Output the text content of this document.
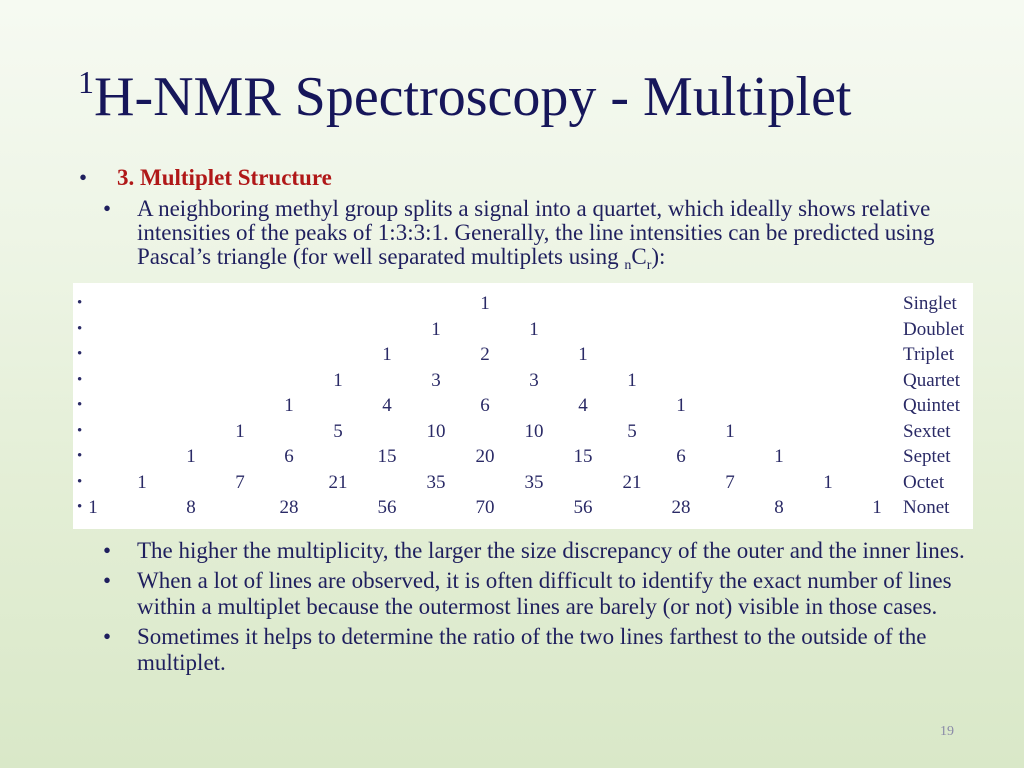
$^1$H-NMR Spectroscopy - Multiplet
• 3. Multiplet Structure
• A neighboring methyl group splits a signal into a quartet, which ideally shows relative intensities of the peaks of 1:3:3:1. Generally, the line intensities can be predicted using Pascal’s triangle (for well separated multiplets using $_nC_r$):
•	1	Singlet
•	1	1	Doublet
•	1	2	1	Triplet
•	1	3	3	1	Quartet
•	1	4	6	4	1	Quintet
•	1	5	10	10	5	1	Sextet
•	1	6	15	20	15	6	1	Septet
•	1	7	21	35	35	21	7	1	Octet
• 1	8	28	56	70	56	28	8	1	Nonet
• The higher the multiplicity, the larger the size discrepancy of the outer and the inner lines.
• When a lot of lines are observed, it is often difficult to identify the exact number of lines within a multiplet because the outermost lines are barely (or not) visible in those cases.
• Sometimes it helps to determine the ratio of the two lines farthest to the outside of the multiplet.
19
